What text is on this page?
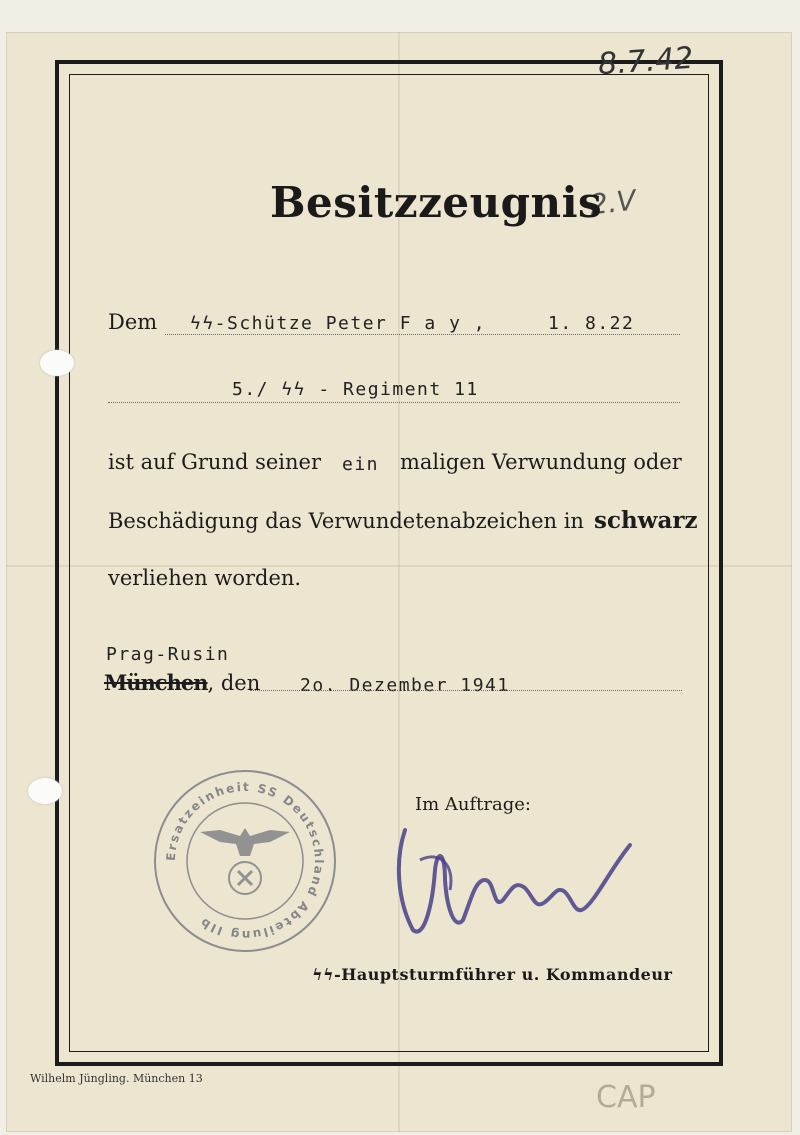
8.7.42
2.V
Besitzzeugnis
Dem ϟϟ-Schütze Peter F a y ,	1. 8.22
5./ ϟϟ - Regiment 11
ist auf Grund seiner ein maligen Verwundung oder
Beschädigung das Verwundetenabzeichen in schwarz
verliehen worden.
Prag-Rusin
München, den 2o. Dezember 1941
Ersatzeinheit SS Deutschland Abteilung IIb
Im Auftrage:
ϟϟ-Hauptsturmführer u. Kommandeur
Wilhelm Jüngling. München 13
CAP
